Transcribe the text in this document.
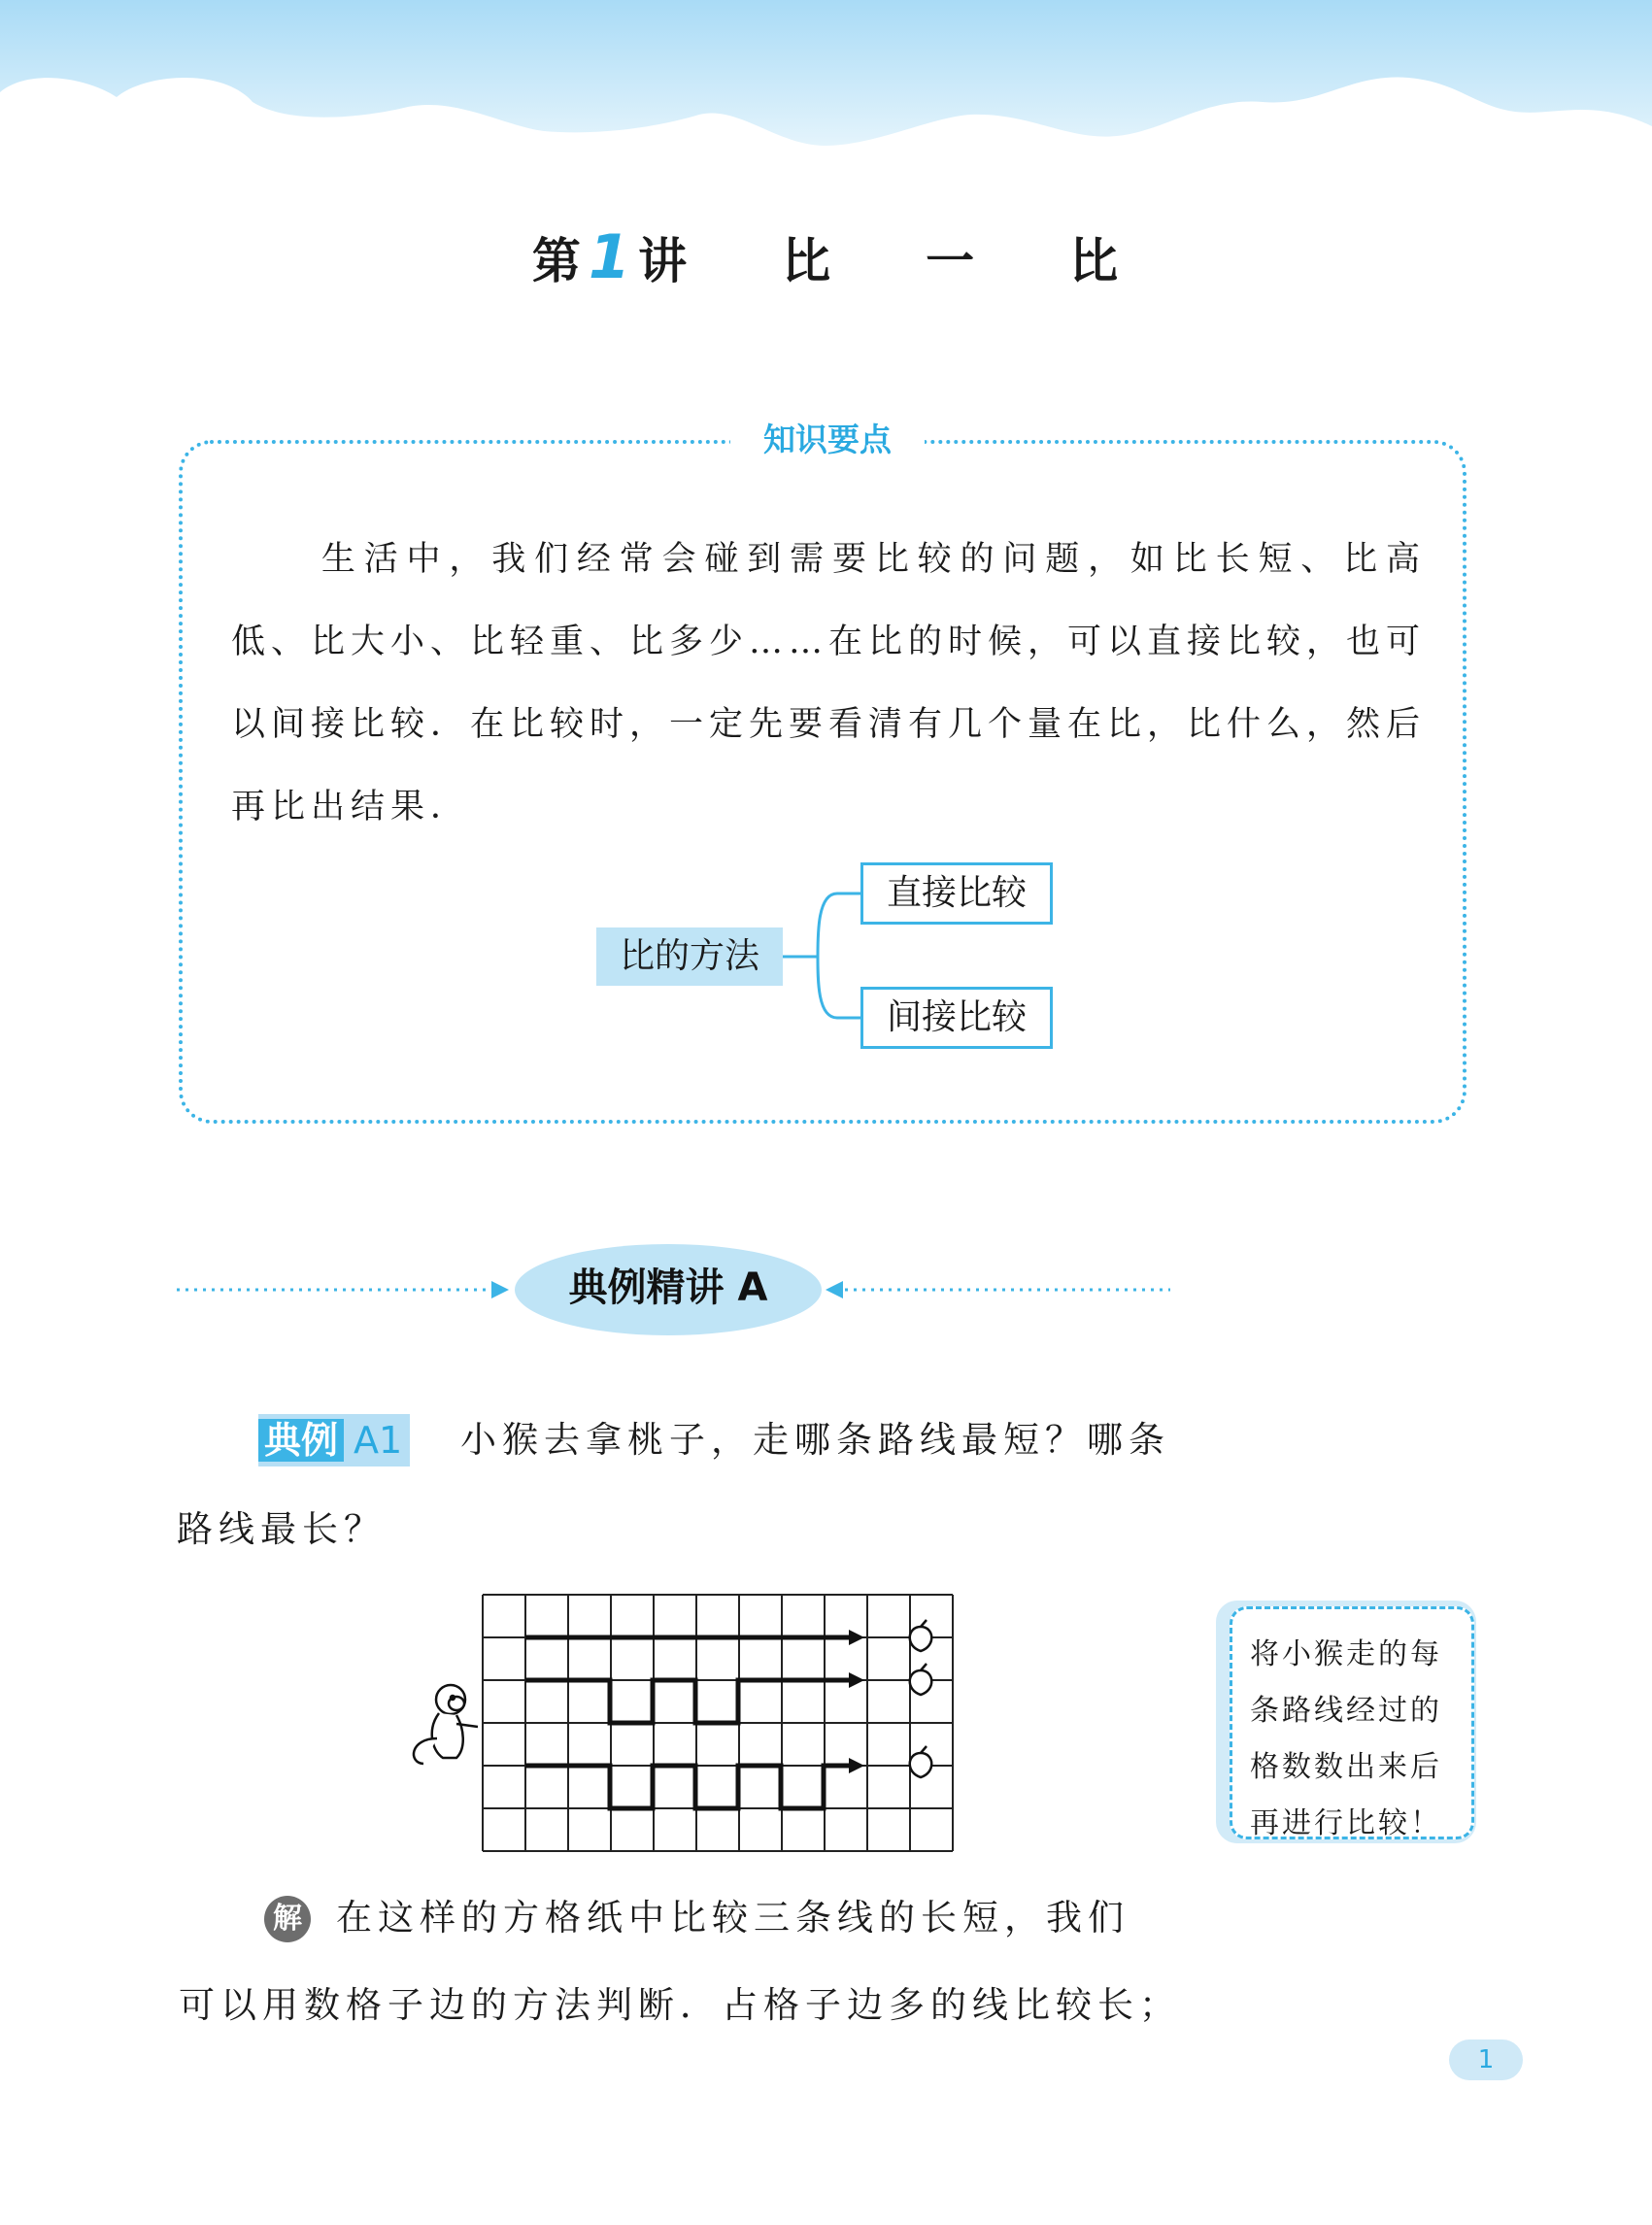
第1 讲 比 一 比
知识要点
生活中，我们经常会碰到需要比较的问题，如比长短、比高低、比大小、比轻重、比多少……在比的时候，可以直接比较，也可以间接比较．在比较时，一定先要看清有几个量在比，比什么，然后再比出结果．
比的方法
直接比较
间接比较
典例精讲 A
典例 A1 小猴去拿桃子，走哪条路线最短？哪条
路线最长？
将小猴走的每
条路线经过的
格数数出来后
再进行比较！
解 在这样的方格纸中比较三条线的长短，我们
可以用数格子边的方法判断．占格子边多的线比较长；
1
